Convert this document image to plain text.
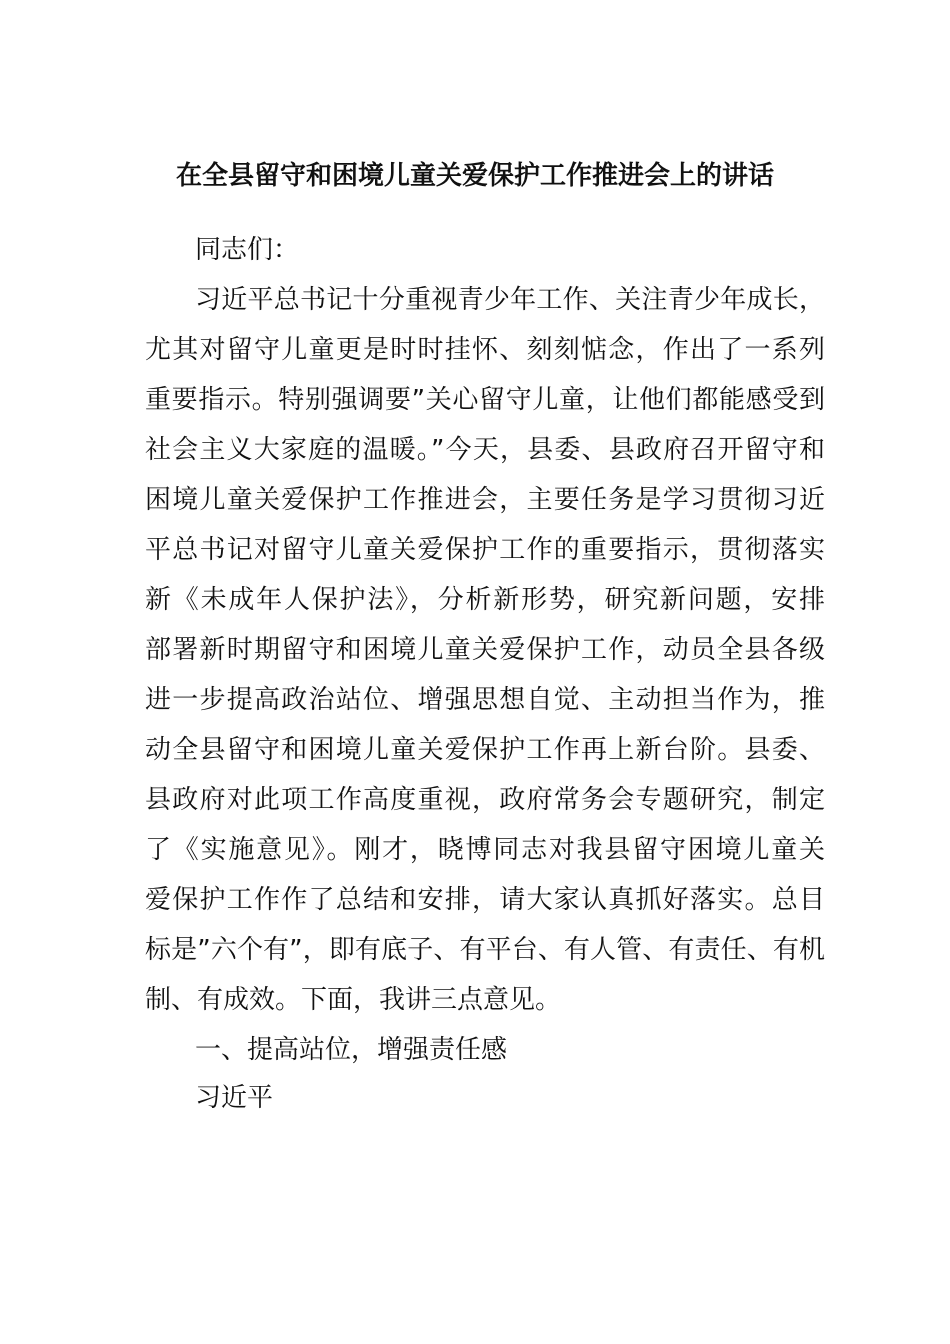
在全县留守和困境儿童关爱保护工作推进会上的讲话
同志们：
习近平总书记十分重视青少年工作、关注青少年成长，
尤其对留守儿童更是时时挂怀、刻刻惦念，作出了一系列
重要指示。特别强调要”关心留守儿童，让他们都能感受到
社会主义大家庭的温暖。”今天，县委、县政府召开留守和
困境儿童关爱保护工作推进会，主要任务是学习贯彻习近
平总书记对留守儿童关爱保护工作的重要指示，贯彻落实
新《未成年人保护法》，分析新形势，研究新问题，安排
部署新时期留守和困境儿童关爱保护工作，动员全县各级
进一步提高政治站位、增强思想自觉、主动担当作为，推
动全县留守和困境儿童关爱保护工作再上新台阶。县委、
县政府对此项工作高度重视，政府常务会专题研究，制定
了《实施意见》。刚才，晓博同志对我县留守困境儿童关
爱保护工作作了总结和安排，请大家认真抓好落实。总目
标是”六个有”，即有底子、有平台、有人管、有责任、有机
制、有成效。下面，我讲三点意见。
一、提高站位，增强责任感
习近平
